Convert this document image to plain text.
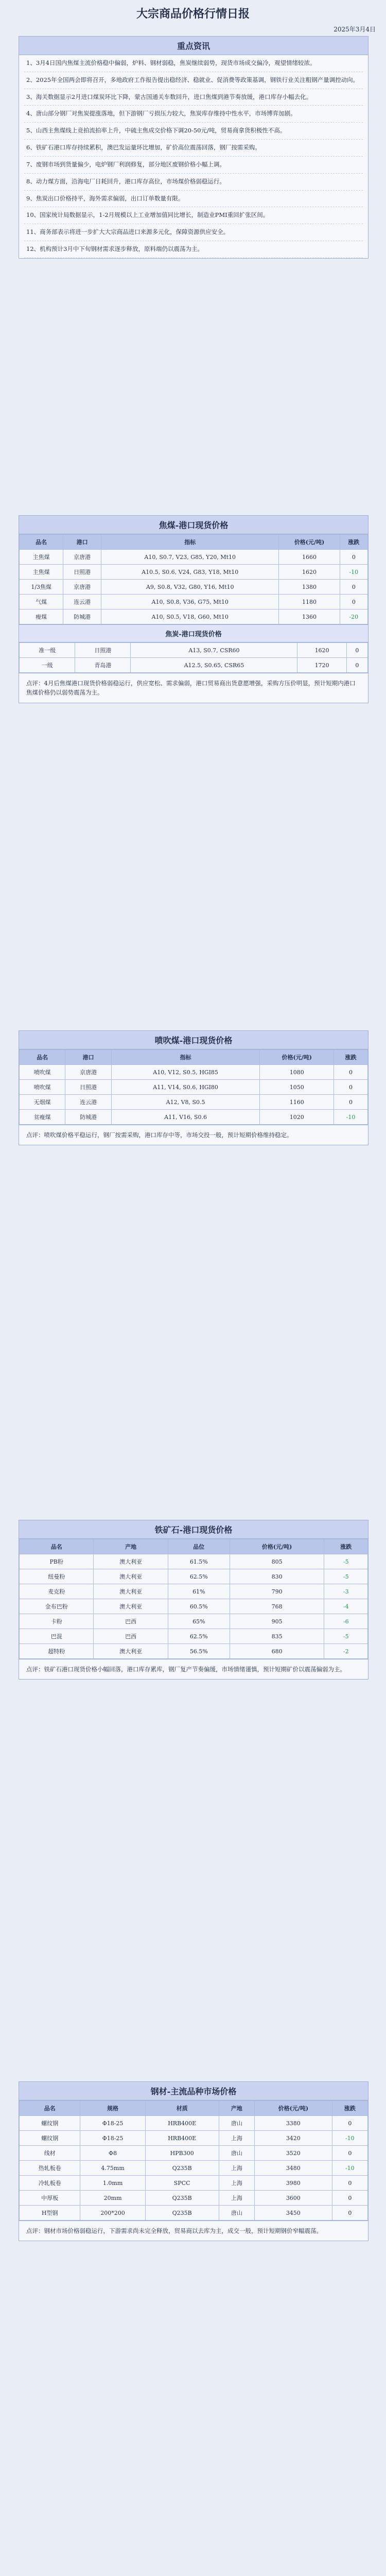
大宗商品价格行情日报
2025年3月4日
重点资讯

1、3月4日国内焦煤主流价格稳中偏弱，炉料、钢材弱稳，焦炭继续弱势，现货市场成交偏冷，观望情绪较浓。

2、2025年全国两会即将召开，多地政府工作报告提出稳经济、稳就业、促消费等政策基调，钢铁行业关注粗钢产量调控动向。

3、海关数据显示2月进口煤炭环比下降，蒙古国通关车数回升，进口焦煤到港节奏放缓，港口库存小幅去化。

4、唐山部分钢厂对焦炭提涨落地，但下游钢厂亏损压力较大，焦炭库存维持中性水平，市场博弈加剧。

5、山西主焦煤线上竞拍流拍率上升，中硫主焦成交价格下调20-50元/吨，贸易商拿货积极性不高。

6、铁矿石港口库存持续累积，澳巴发运量环比增加，矿价高位震荡回落，钢厂按需采购。

7、废钢市场到货量偏少，电炉钢厂利润修复，部分地区废钢价格小幅上调。

8、动力煤方面，沿海电厂日耗回升，港口库存高位，市场煤价格弱稳运行。

9、焦炭出口价格持平，海外需求偏弱，出口订单数量有限。

10、国家统计局数据显示，1-2月规模以上工业增加值同比增长，制造业PMI重回扩张区间。

11、商务部表示将进一步扩大大宗商品进口来源多元化，保障资源供应安全。

12、机构预计3月中下旬钢材需求逐步释放，原料端仍以震荡为主。

焦煤-港口现货价格
品名	港口	指标	价格(元/吨)	涨跌
主焦煤	京唐港	A10, S0.7, V23, G85, Y20, Mt10	1660	0
主焦煤	日照港	A10.5, S0.6, V24, G83, Y18, Mt10	1620	-10
1/3焦煤	京唐港	A9, S0.8, V32, G80, Y16, Mt10	1380	0
气煤	连云港	A10, S0.8, V36, G75, Mt10	1180	0
瘦煤	防城港	A10, S0.5, V18, G60, Mt10	1360	-20
焦炭-港口现货价格
准一级	日照港	A13, S0.7, CSR60	1620	0
一级	青岛港	A12.5, S0.65, CSR65	1720	0
点评：4月后焦煤港口现货价格弱稳运行，供应宽松、需求偏弱，港口贸易商出货意愿增强，采购方压价明显，预计短期内港口焦煤价格仍以弱势震荡为主。
喷吹煤-港口现货价格
品名	港口	指标	价格(元/吨)	涨跌
喷吹煤	京唐港	A10, V12, S0.5, HGI85	1080	0
喷吹煤	日照港	A11, V14, S0.6, HGI80	1050	0
无烟煤	连云港	A12, V8, S0.5	1160	0
贫瘦煤	防城港	A11, V16, S0.6	1020	-10
点评：喷吹煤价格平稳运行，钢厂按需采购，港口库存中等，市场交投一般，预计短期价格维持稳定。
铁矿石-港口现货价格
品名	产地	品位	价格(元/吨)	涨跌
PB粉	澳大利亚	61.5%	805	-5
纽曼粉	澳大利亚	62.5%	830	-5
麦克粉	澳大利亚	61%	790	-3
金布巴粉	澳大利亚	60.5%	768	-4
卡粉	巴西	65%	905	-6
巴混	巴西	62.5%	835	-5
超特粉	澳大利亚	56.5%	680	-2
点评：铁矿石港口现货价格小幅回落，港口库存累库，钢厂复产节奏偏缓，市场情绪谨慎，预计短期矿价以震荡偏弱为主。
钢材-主流品种市场价格
品名	规格	材质	产地	价格(元/吨)	涨跌
螺纹钢	Φ18-25	HRB400E	唐山	3380	0
螺纹钢	Φ18-25	HRB400E	上海	3420	-10
线材	Φ8	HPB300	唐山	3520	0
热轧板卷	4.75mm	Q235B	上海	3480	-10
冷轧板卷	1.0mm	SPCC	上海	3980	0
中厚板	20mm	Q235B	上海	3600	0
H型钢	200*200	Q235B	唐山	3450	0
点评：钢材市场价格弱稳运行，下游需求尚未完全释放，贸易商以去库为主，成交一般，预计短期钢价窄幅震荡。
